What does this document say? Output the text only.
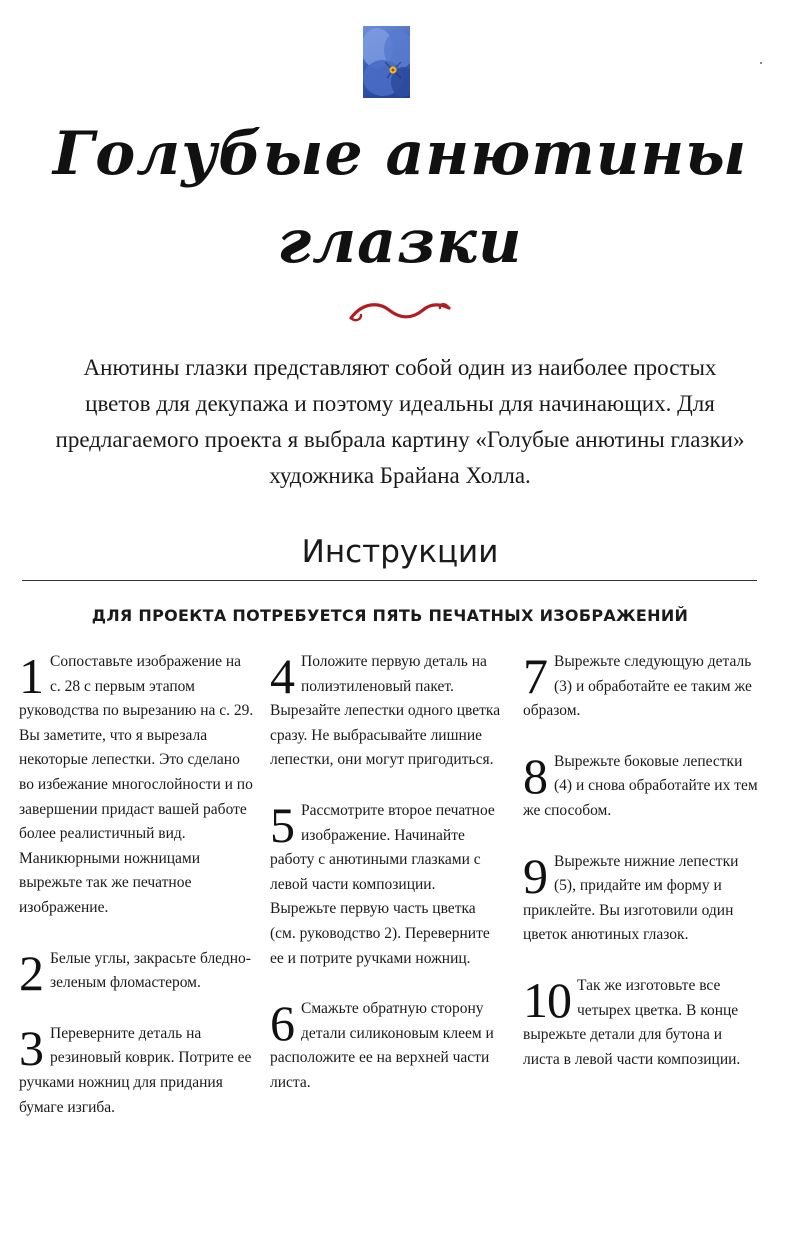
Голубые анютины
глазки
Анютины глазки представляют собой один из наиболее простых цветов для декупажа и поэтому идеальны для начинающих. Для предлагаемого проекта я выбрала картину «Голубые анютины глазки» художника Брайана Холла.
Инструкции
ДЛЯ ПРОЕКТА ПОТРЕБУЕТСЯ ПЯТЬ ПЕЧАТНЫХ ИЗОБРАЖЕНИЙ
1 Сопоставьте изображение на с. 28 с первым этапом руководства по вырезанию на с. 29. Вы заметите, что я вырезала некоторые лепестки. Это сделано во избежание многослойности и по завершении придаст вашей работе более реалистичный вид. Маникюрными ножницами вырежьте так же печатное изображение.

2 Белые углы, закрасьте бледно-зеленым фломастером.

3 Переверните деталь на резиновый коврик. Потрите ее ручками ножниц для придания бумаге изгиба.

4 Положите первую деталь на полиэтиленовый пакет. Вырезайте лепестки одного цветка сразу. Не выбрасывайте лишние лепестки, они могут пригодиться.

5 Рассмотрите второе печатное изображение. Начинайте работу с анютиными глазками с левой части композиции. Вырежьте первую часть цветка (см. руководство 2). Переверните ее и потрите ручками ножниц.

6 Смажьте обратную сторону детали силиконовым клеем и расположите ее на верхней части листа.

7 Вырежьте следующую деталь (3) и обработайте ее таким же образом.

8 Вырежьте боковые лепестки (4) и снова обработайте их тем же способом.

9 Вырежьте нижние лепестки (5), придайте им форму и приклейте. Вы изготовили один цветок анютиных глазок.

10 Так же изготовьте все четырех цветка. В конце вырежьте детали для бутона и листа в левой части композиции.
